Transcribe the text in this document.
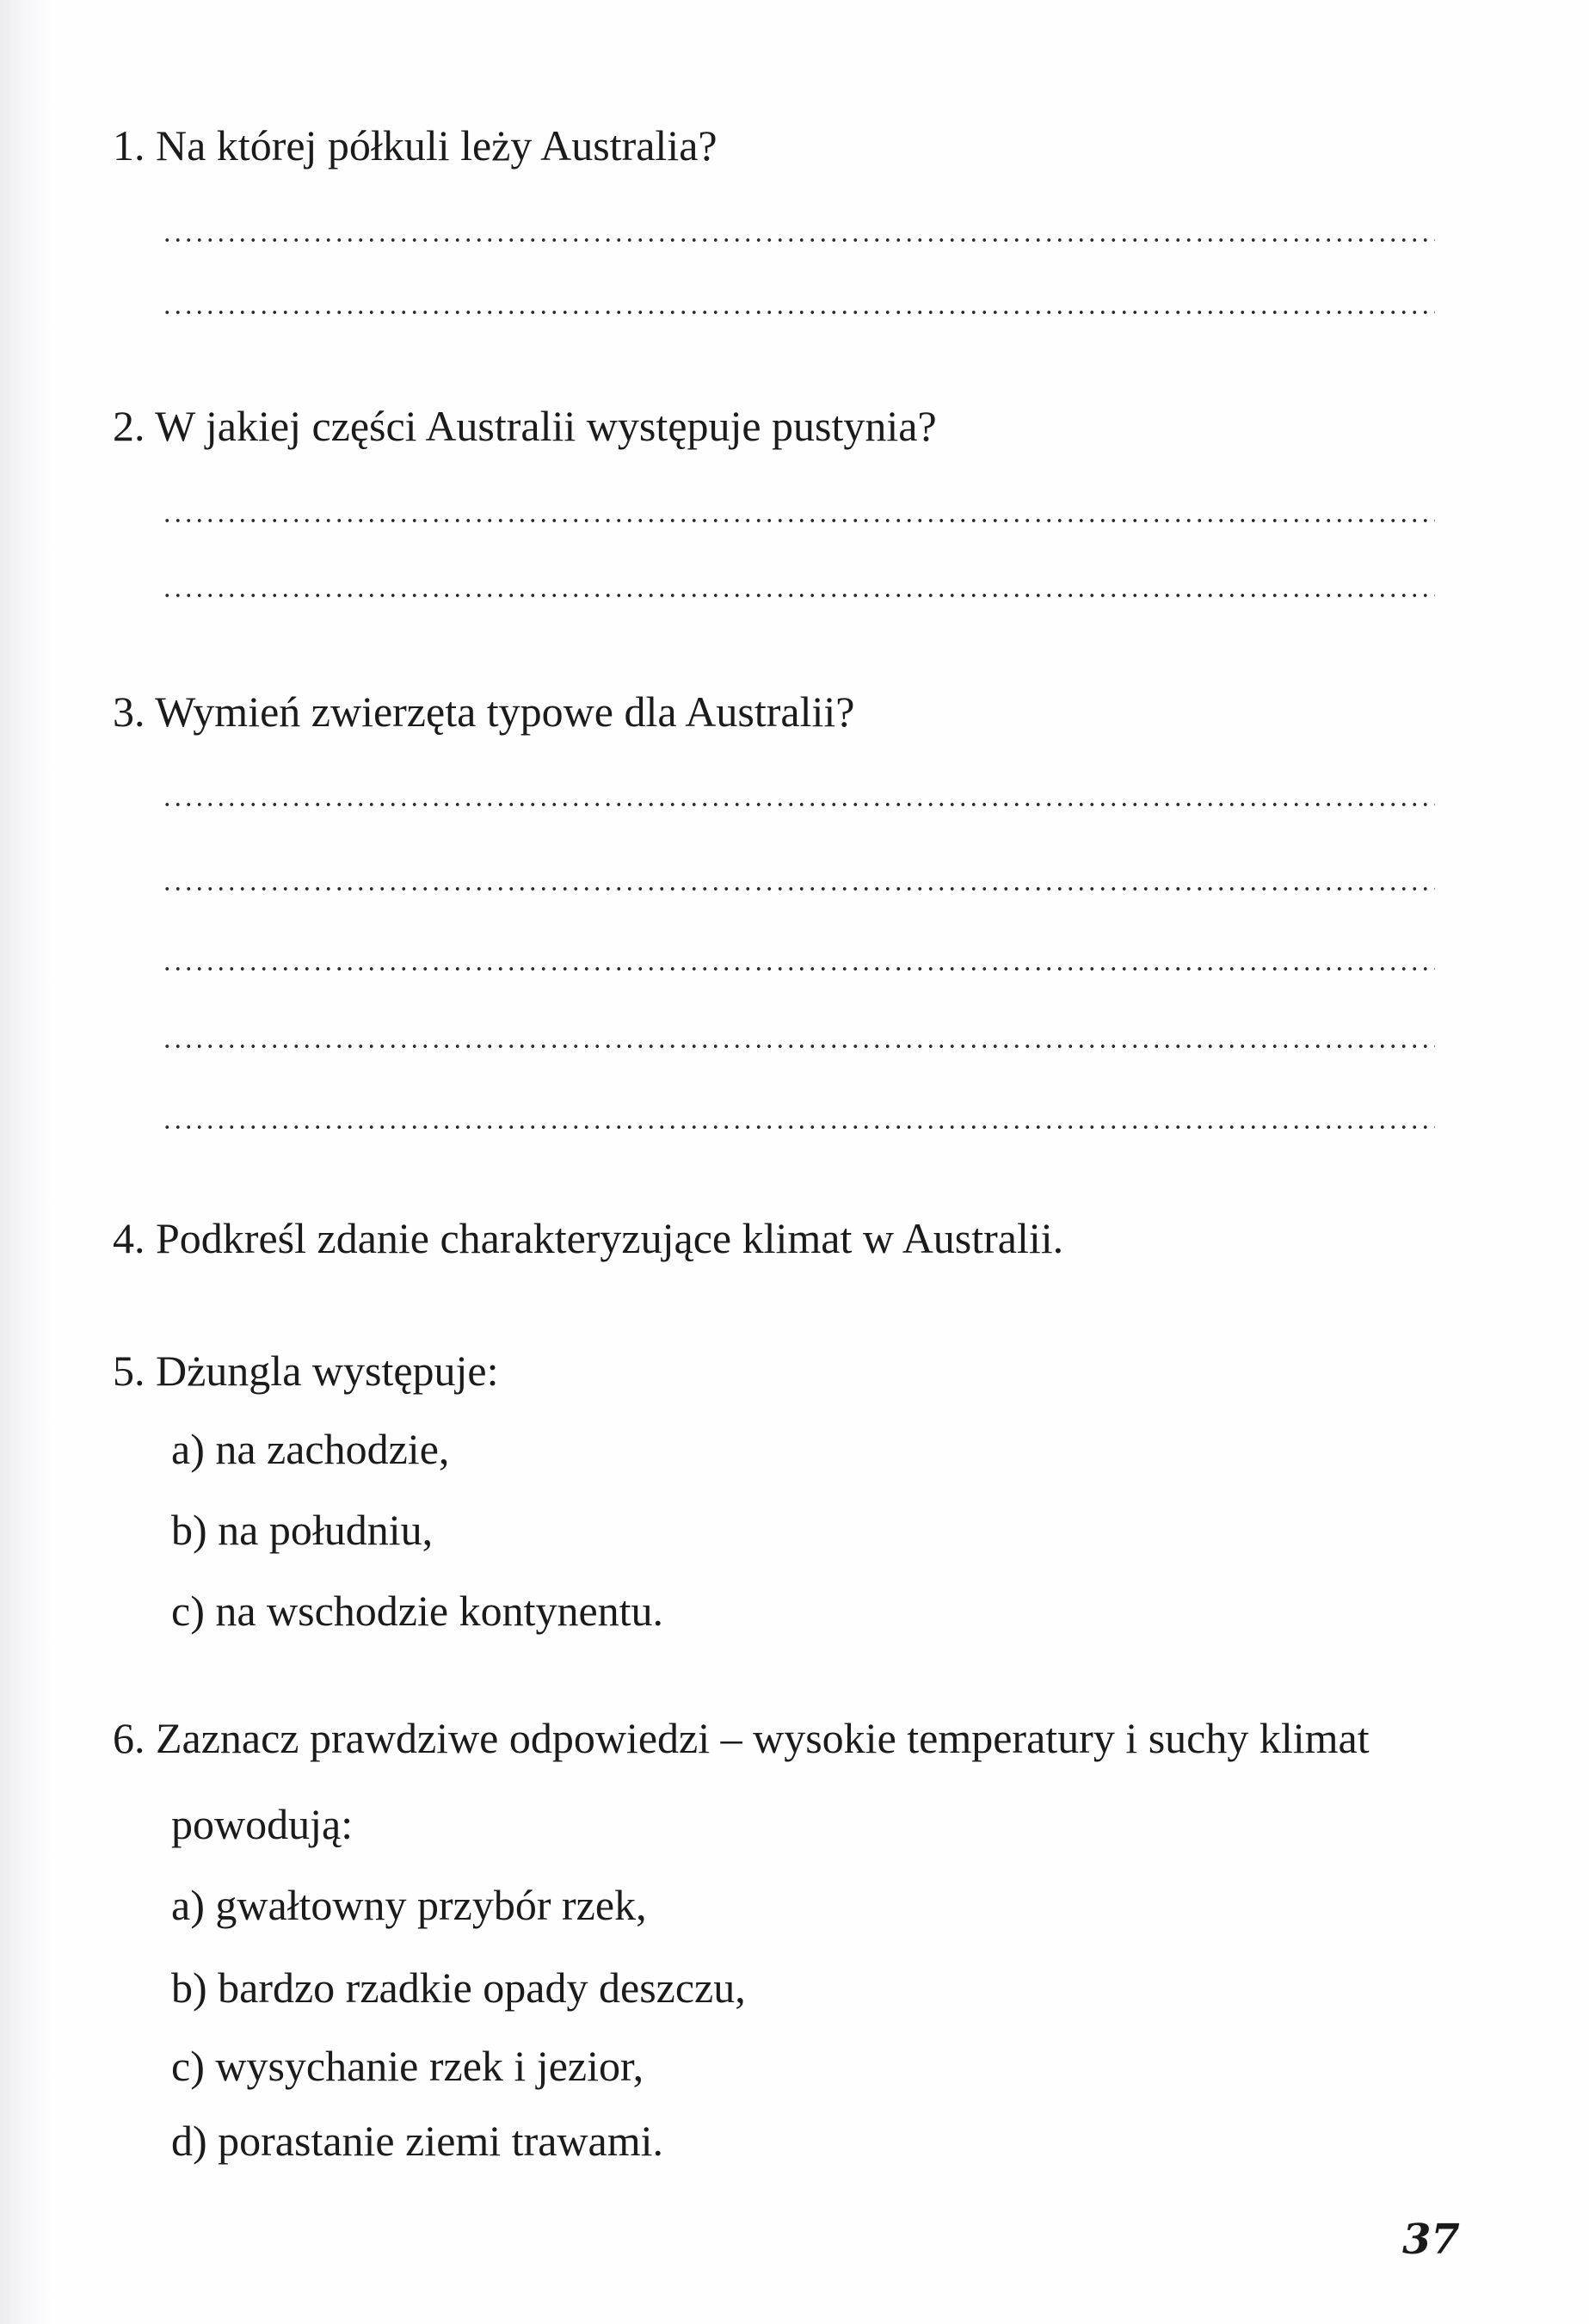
1. Na której półkuli leży Australia?
2. W jakiej części Australii występuje pustynia?
3. Wymień zwierzęta typowe dla Australii?
4. Podkreśl zdanie charakteryzujące klimat w Australii.
5. Dżungla występuje:
a) na zachodzie,
b) na południu,
c) na wschodzie kontynentu.
6. Zaznacz prawdziwe odpowiedzi – wysokie temperatury i suchy klimat
powodują:
a) gwałtowny przybór rzek,
b) bardzo rzadkie opady deszczu,
c) wysychanie rzek i jezior,
d) porastanie ziemi trawami.
37
